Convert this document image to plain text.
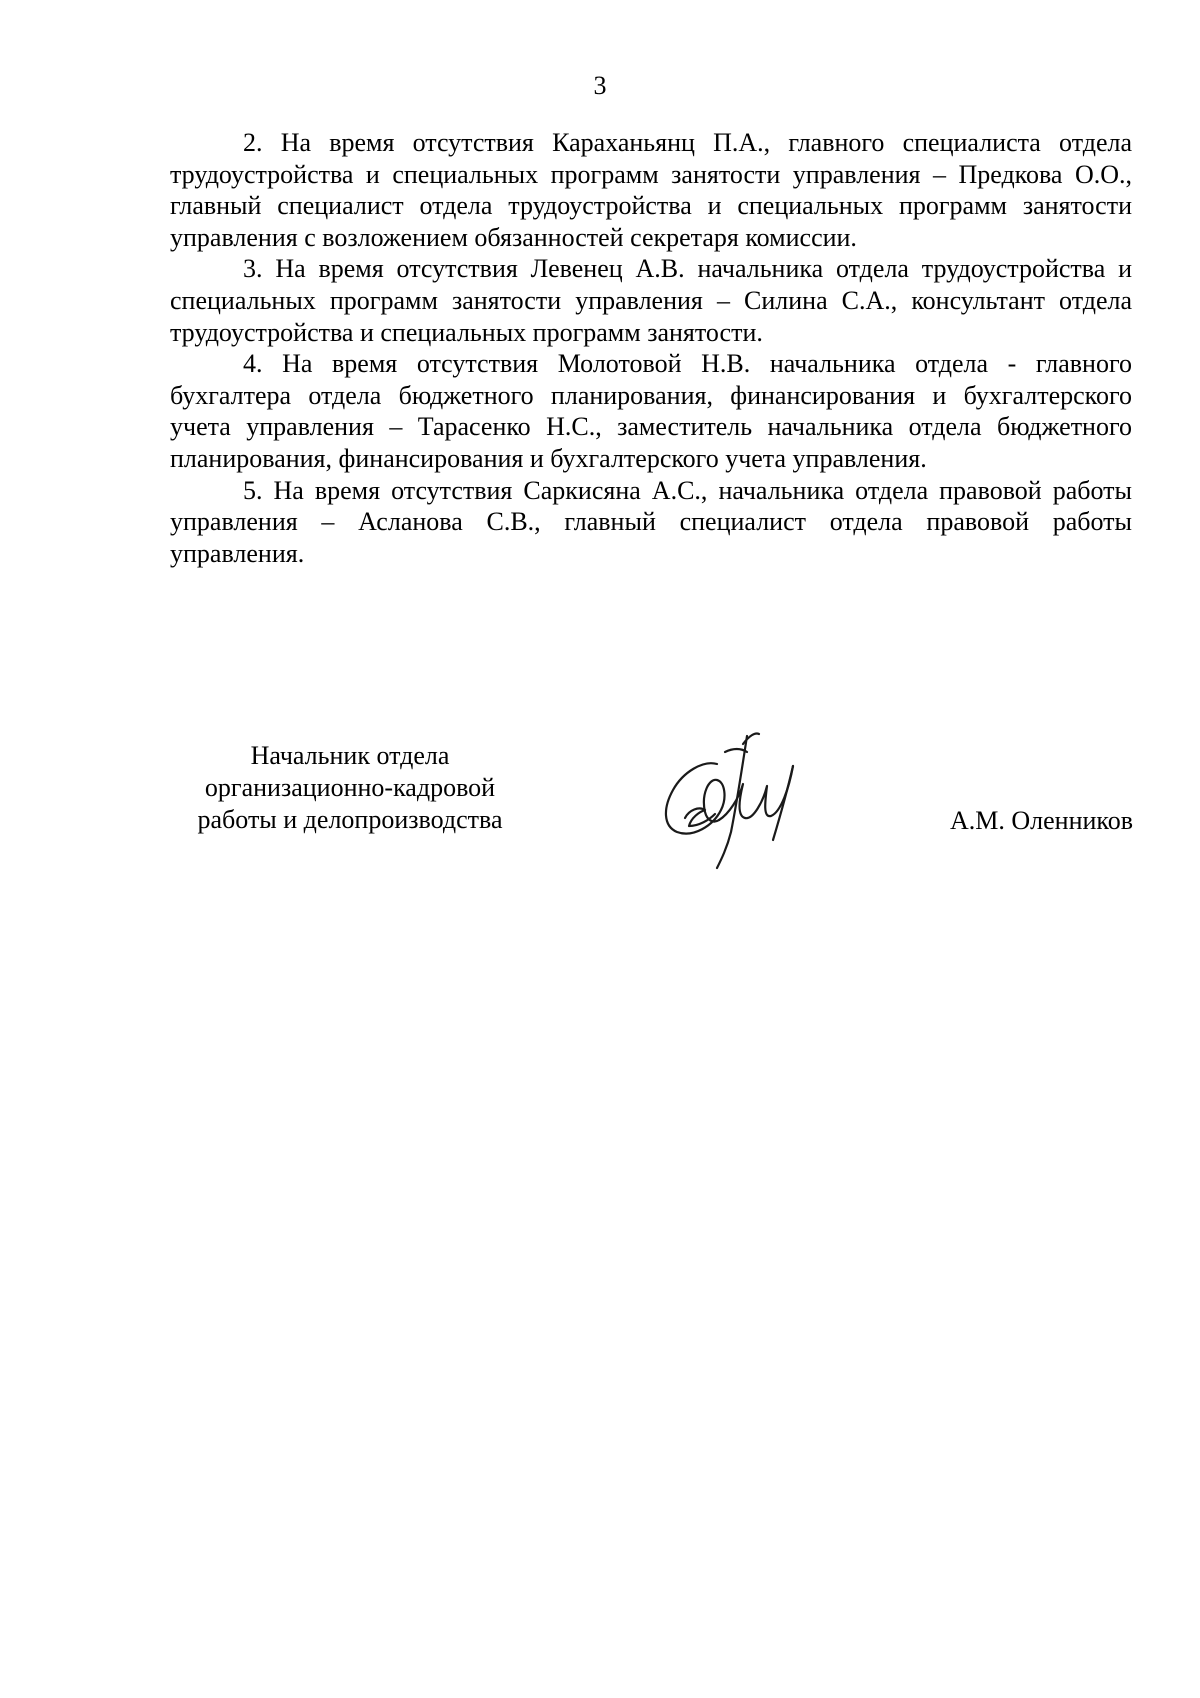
3

2. На время отсутствия Караханьянц П.А., главного специалиста отдела трудоустройства и специальных программ занятости управления – Предкова О.О., главный специалист отдела трудоустройства и специальных программ занятости управления с возложением обязанностей секретаря комиссии.

3. На время отсутствия Левенец А.В. начальника отдела трудоустройства и специальных программ занятости управления – Силина С.А., консультант отдела трудоустройства и специальных программ занятости.

4. На время отсутствия Молотовой Н.В. начальника отдела - главного бухгалтера отдела бюджетного планирования, финансирования и бухгалтерского учета управления – Тарасенко Н.С., заместитель начальника отдела бюджетного планирования, финансирования и бухгалтерского учета управления.

5. На время отсутствия Саркисяна А.С., начальника отдела правовой работы управления – Асланова С.В., главный специалист отдела правовой работы управления.

Начальник отдела
организационно-кадровой
работы и делопроизводства	А.М. Оленников
